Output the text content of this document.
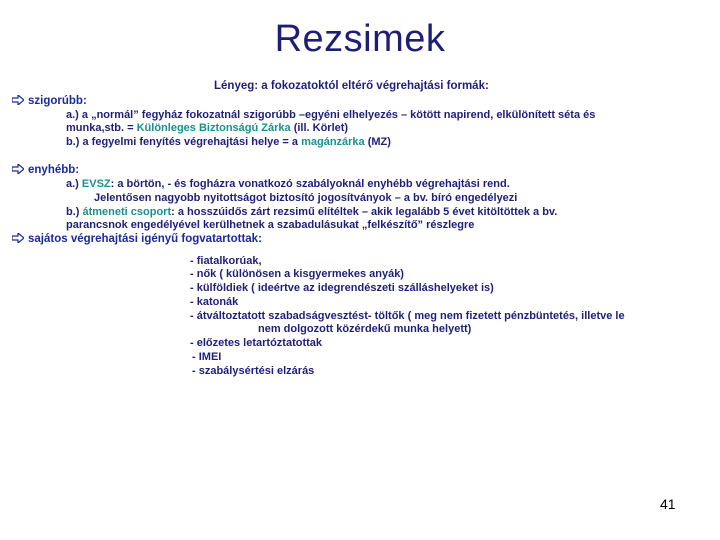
Rezsimek
Lényeg: a fokozatoktól eltérő végrehajtási formák:
szigorúbb:
a.) a „normál” fegyház fokozatnál szigorúbb –egyéni elhelyezés – kötött napirend, elkülönített séta és
munka,stb. = Különleges Biztonságú Zárka (ill. Körlet)
b.) a fegyelmi fenyítés végrehajtási helye = a magánzárka (MZ)
enyhébb:
a.) EVSZ: a börtön, - és fogházra vonatkozó szabályoknál enyhébb végrehajtási rend.
Jelentősen nagyobb nyitottságot biztosító jogosítványok – a bv. bíró engedélyezi
b.) átmeneti csoport: a hosszúidős zárt rezsimű elítéltek – akik legalább 5 évet kitöltöttek a bv.
parancsnok engedélyével kerülhetnek a szabadulásukat „felkészítő” részlegre
sajátos végrehajtási igényű fogvatartottak:
- fiatalkorúak,
- nők ( különösen a kisgyermekes anyák)
- külföldiek ( ideértve az idegrendészeti szálláshelyeket is)
- katonák
- átváltoztatott szabadságvesztést- töltők ( meg nem fizetett pénzbüntetés, illetve le
nem dolgozott közérdekű munka helyett)
- előzetes letartóztatottak
- IMEI
- szabálysértési elzárás
41
